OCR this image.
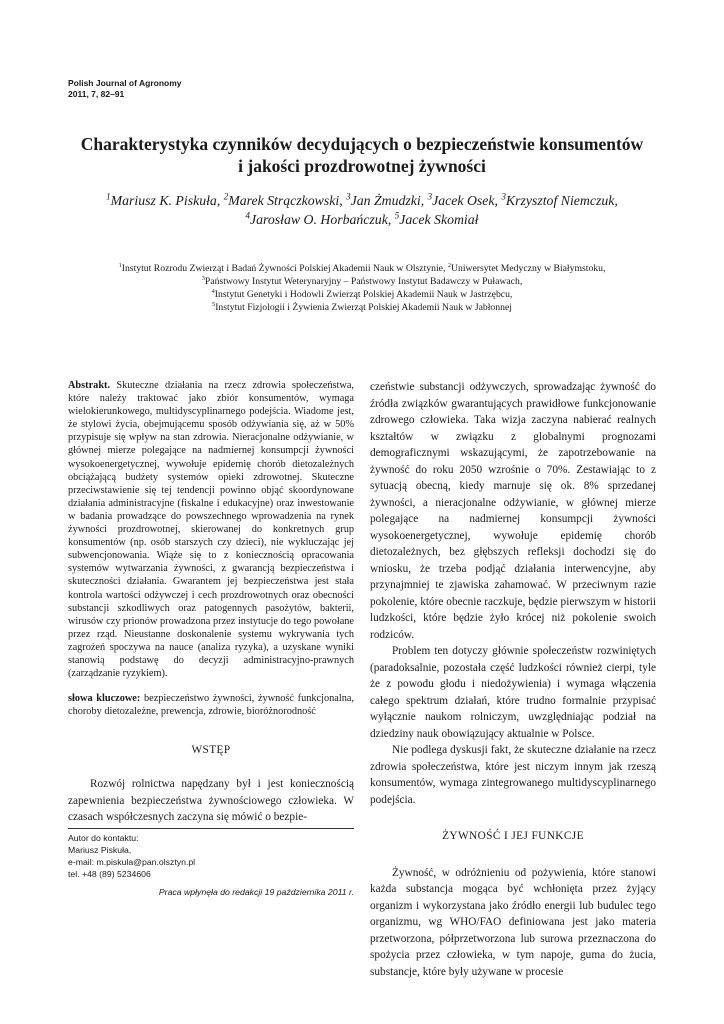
Polish Journal of Agronomy
2011, 7, 82–91
Charakterystyka czynników decydujących o bezpieczeństwie konsumentów
i jakości prozdrowotnej żywności
$^1$Mariusz K. Piskuła, $^2$Marek Strączkowski, $^3$Jan Żmudzki, $^3$Jacek Osek, $^3$Krzysztof Niemczuk,
$^4$Jarosław O. Horbańczuk, $^5$Jacek Skomiał
$^1$Instytut Rozrodu Zwierząt i Badań Żywności Polskiej Akademii Nauk w Olsztynie, $^2$Uniwersytet Medyczny w Białymstoku,
$^3$Państwowy Instytut Weterynaryjny – Państwowy Instytut Badawczy w Puławach,
$^4$Instytut Genetyki i Hodowli Zwierząt Polskiej Akademii Nauk w Jastrzębcu,
$^5$Instytut Fizjologii i Żywienia Zwierząt Polskiej Akademii Nauk w Jabłonnej

Abstrakt. Skuteczne działania na rzecz zdrowia społeczeństwa, które należy traktować jako zbiór konsumentów, wymaga wielokierunkowego, multidyscyplinarnego podejścia. Wiadome jest, że stylowi życia, obejmującemu sposób odżywiania się, aż w 50% przypisuje się wpływ na stan zdrowia. Nieracjonalne odżywianie, w głównej mierze polegające na nadmiernej konsumpcji żywności wysokoenergetycznej, wywołuje epidemię chorób dietozależnych obciążającą budżety systemów opieki zdrowotnej. Skuteczne przeciwstawienie się tej tendencji powinno objąć skoordynowane działania administracyjne (fiskalne i edukacyjne) oraz inwestowanie w badania prowadzące do powszechnego wprowadzenia na rynek żywności prozdrowotnej, skierowanej do konkretnych grup konsumentów (np. osób starszych czy dzieci), nie wykluczając jej subwencjonowania. Wiąże się to z koniecznością opracowania systemów wytwarzania żywności, z gwarancją bezpieczeństwa i skuteczności działania. Gwarantem jej bezpieczeństwa jest stała kontrola wartości odżywczej i cech prozdrowotnych oraz obecności substancji szkodliwych oraz patogennych pasożytów, bakterii, wirusów czy prionów prowadzona przez instytucje do tego powołane przez rząd. Nieustanne doskonalenie systemu wykrywania tych zagrożeń spoczywa na nauce (analiza ryzyka), a uzyskane wyniki stanowią podstawę do decyzji administracyjno-prawnych (zarządzanie ryzykiem).

słowa kluczowe: bezpieczeństwo żywności, żywność funkcjonalna, choroby dietozależne, prewencja, zdrowie, bioróżnorodność

WSTĘP

Rozwój rolnictwa napędzany był i jest koniecznością zapewnienia bezpieczeństwa żywnościowego człowieka. W czasach współczesnych zaczyna się mówić o bezpie-

Autor do kontaktu:
Mariusz Piskuła,
e-mail: m.piskula@pan.olsztyn.pl
tel. +48 (89) 5234606
Praca wpłynęła do redakcji 19 października 2011 r.

czeństwie substancji odżywczych, sprowadzając żywność do źródła związków gwarantujących prawidłowe funkcjonowanie zdrowego człowieka. Taka wizja zaczyna nabierać realnych kształtów w związku z globalnymi prognozami demograficznymi wskazującymi, że zapotrzebowanie na żywność do roku 2050 wzrośnie o 70%. Zestawiając to z sytuacją obecną, kiedy marnuje się ok. 8% sprzedanej żywności, a nieracjonalne odżywianie, w głównej mierze polegające na nadmiernej konsumpcji żywności wysokoenergetycznej, wywołuje epidemię chorób dietozależnych, bez głębszych refleksji dochodzi się do wniosku, że trzeba podjąć działania interwencyjne, aby przynajmniej te zjawiska zahamować. W przeciwnym razie pokolenie, które obecnie raczkuje, będzie pierwszym w historii ludzkości, które będzie żyło krócej niż pokolenie swoich rodziców.

Problem ten dotyczy głównie społeczeństw rozwiniętych (paradoksalnie, pozostała część ludzkości również cierpi, tyle że z powodu głodu i niedożywienia) i wymaga włączenia całego spektrum działań, które trudno formalnie przypisać wyłącznie naukom rolniczym, uwzględniając podział na dziedziny nauk obowiązujący aktualnie w Polsce.

Nie podlega dyskusji fakt, że skuteczne działanie na rzecz zdrowia społeczeństwa, które jest niczym innym jak rzeszą konsumentów, wymaga zintegrowanego multidyscyplinarnego podejścia.

ŻYWNOŚĆ I JEJ FUNKCJE

Żywność, w odróżnieniu od pożywienia, które stanowi każda substancja mogąca być wchłonięta przez żyjący organizm i wykorzystana jako źródło energii lub budulec tego organizmu, wg WHO/FAO definiowana jest jako materia przetworzona, półprzetworzona lub surowa przeznaczona do spożycia przez człowieka, w tym napoje, guma do żucia, substancje, które były używane w procesie
